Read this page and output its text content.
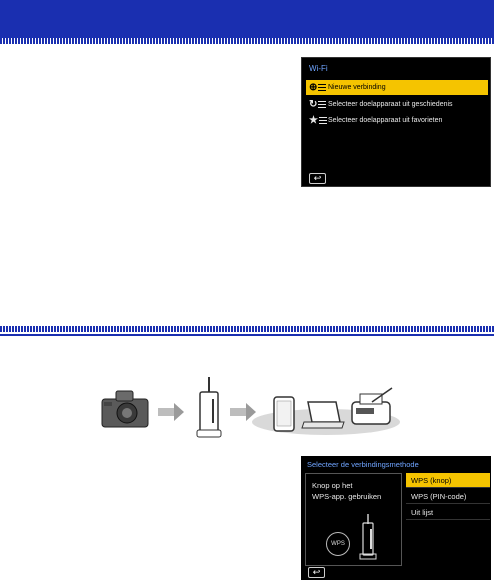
Wi-Fi
⊕	Nieuwe verbinding
↻	Selecteer doelapparaat uit geschiedenis
★	Selecteer doelapparaat uit favorieten
↩
Selecteer de verbindingsmethode
Knop op het
WPS-app. gebruiken
WPS
WPS (knop)
WPS (PIN-code)
Uit lijst
↩
